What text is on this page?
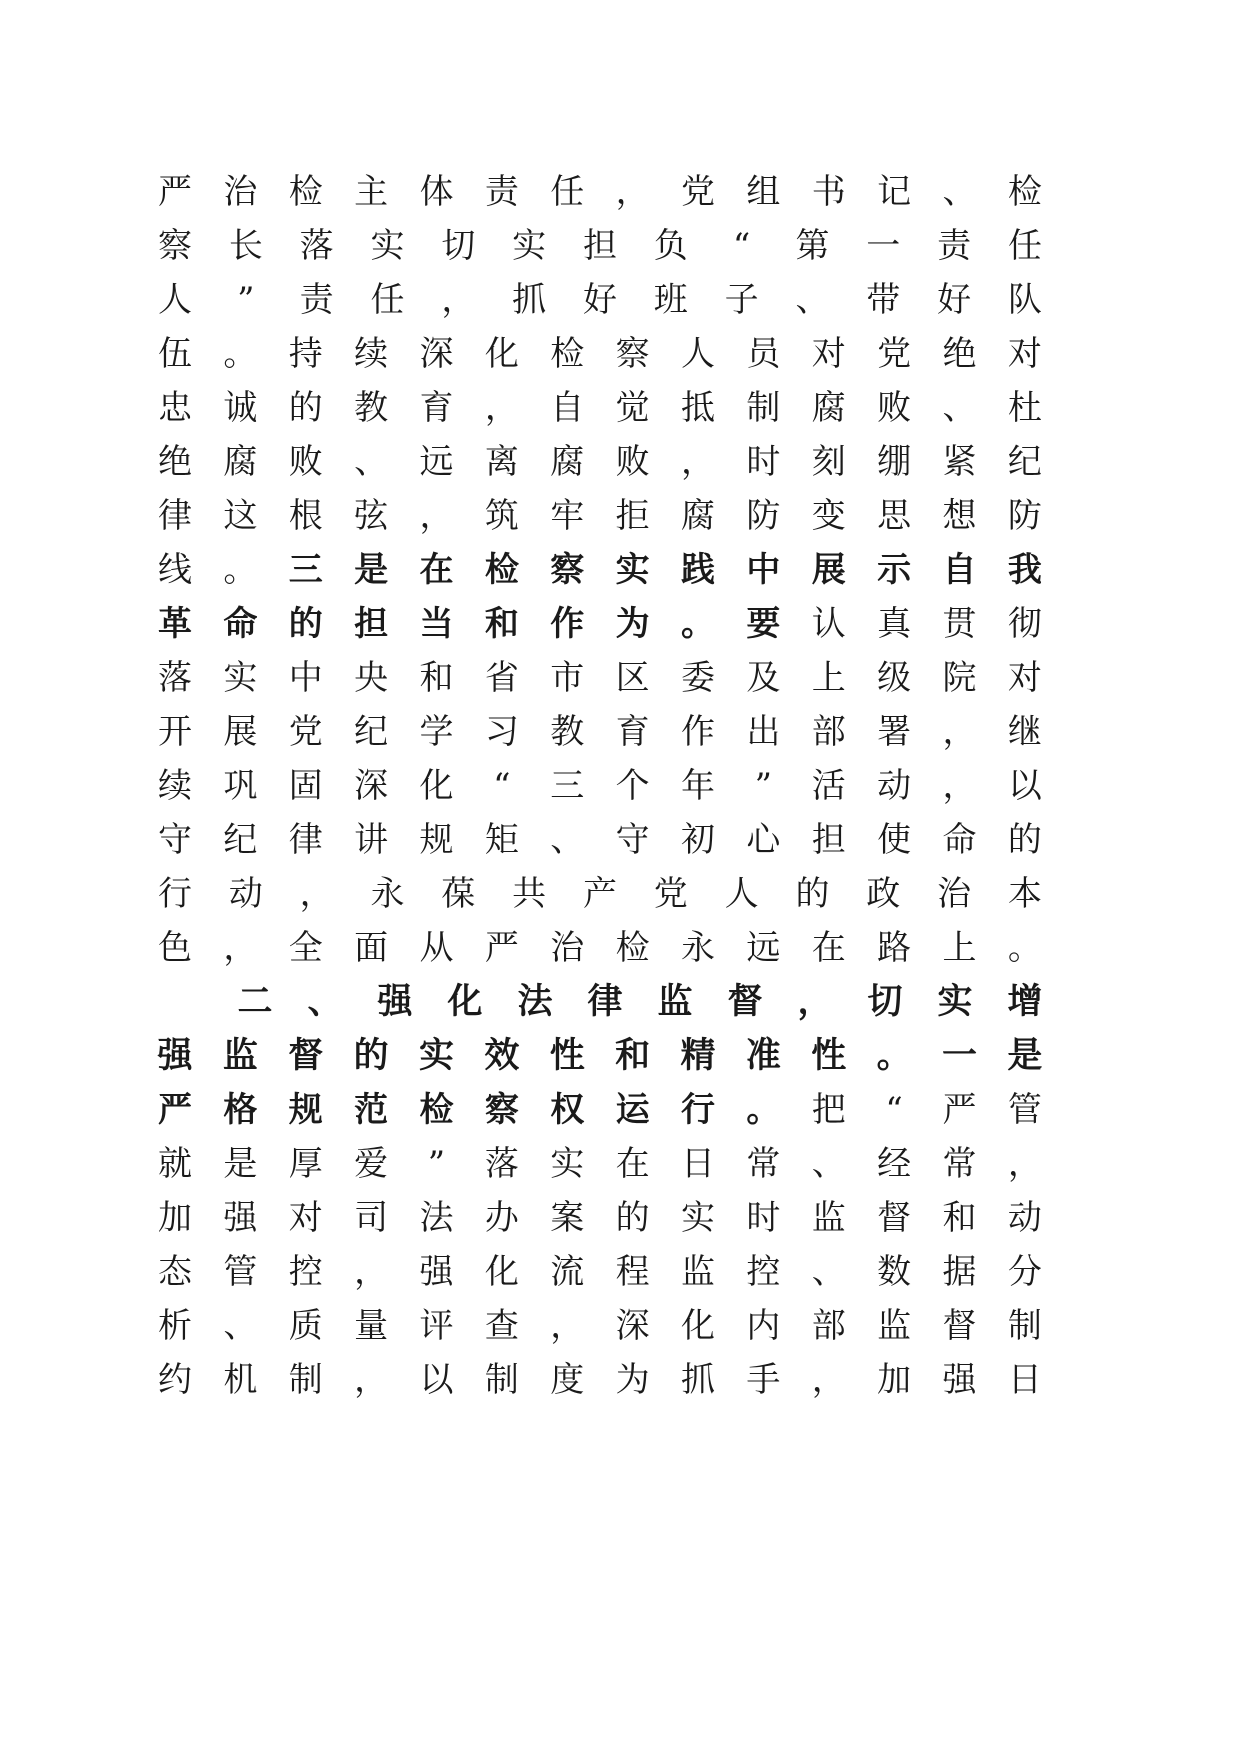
严 治 检 主 体 责 任 ， 党 组 书 记 、 检
察 长 落 实 切 实 担 负 “ 第 一 责 任
人 ” 责 任 ， 抓 好 班 子 、 带 好 队
伍 。 持 续 深 化 检 察 人 员 对 党 绝 对
忠 诚 的 教 育 ， 自 觉 抵 制 腐 败 、 杜
绝 腐 败 、 远 离 腐 败 ， 时 刻 绷 紧 纪
律 这 根 弦 ， 筑 牢 拒 腐 防 变 思 想 防
线 。 三 是 在 检 察 实 践 中 展 示 自 我
革 命 的 担 当 和 作 为 。 要 认 真 贯 彻
落 实 中 央 和 省 市 区 委 及 上 级 院 对
开 展 党 纪 学 习 教 育 作 出 部 署 ， 继
续 巩 固 深 化 “ 三 个 年 ” 活 动 ， 以
守 纪 律 讲 规 矩 、 守 初 心 担 使 命 的
行 动 ， 永 葆 共 产 党 人 的 政 治 本
色 ， 全 面 从 严 治 检 永 远 在 路 上 。
二 、 强 化 法 律 监 督 ， 切 实 增
强 监 督 的 实 效 性 和 精 准 性 。 一 是
严 格 规 范 检 察 权 运 行 。 把 “ 严 管
就 是 厚 爱 ” 落 实 在 日 常 、 经 常 ，
加 强 对 司 法 办 案 的 实 时 监 督 和 动
态 管 控 ， 强 化 流 程 监 控 、 数 据 分
析 、 质 量 评 查 ， 深 化 内 部 监 督 制
约 机 制 ， 以 制 度 为 抓 手 ， 加 强 日
